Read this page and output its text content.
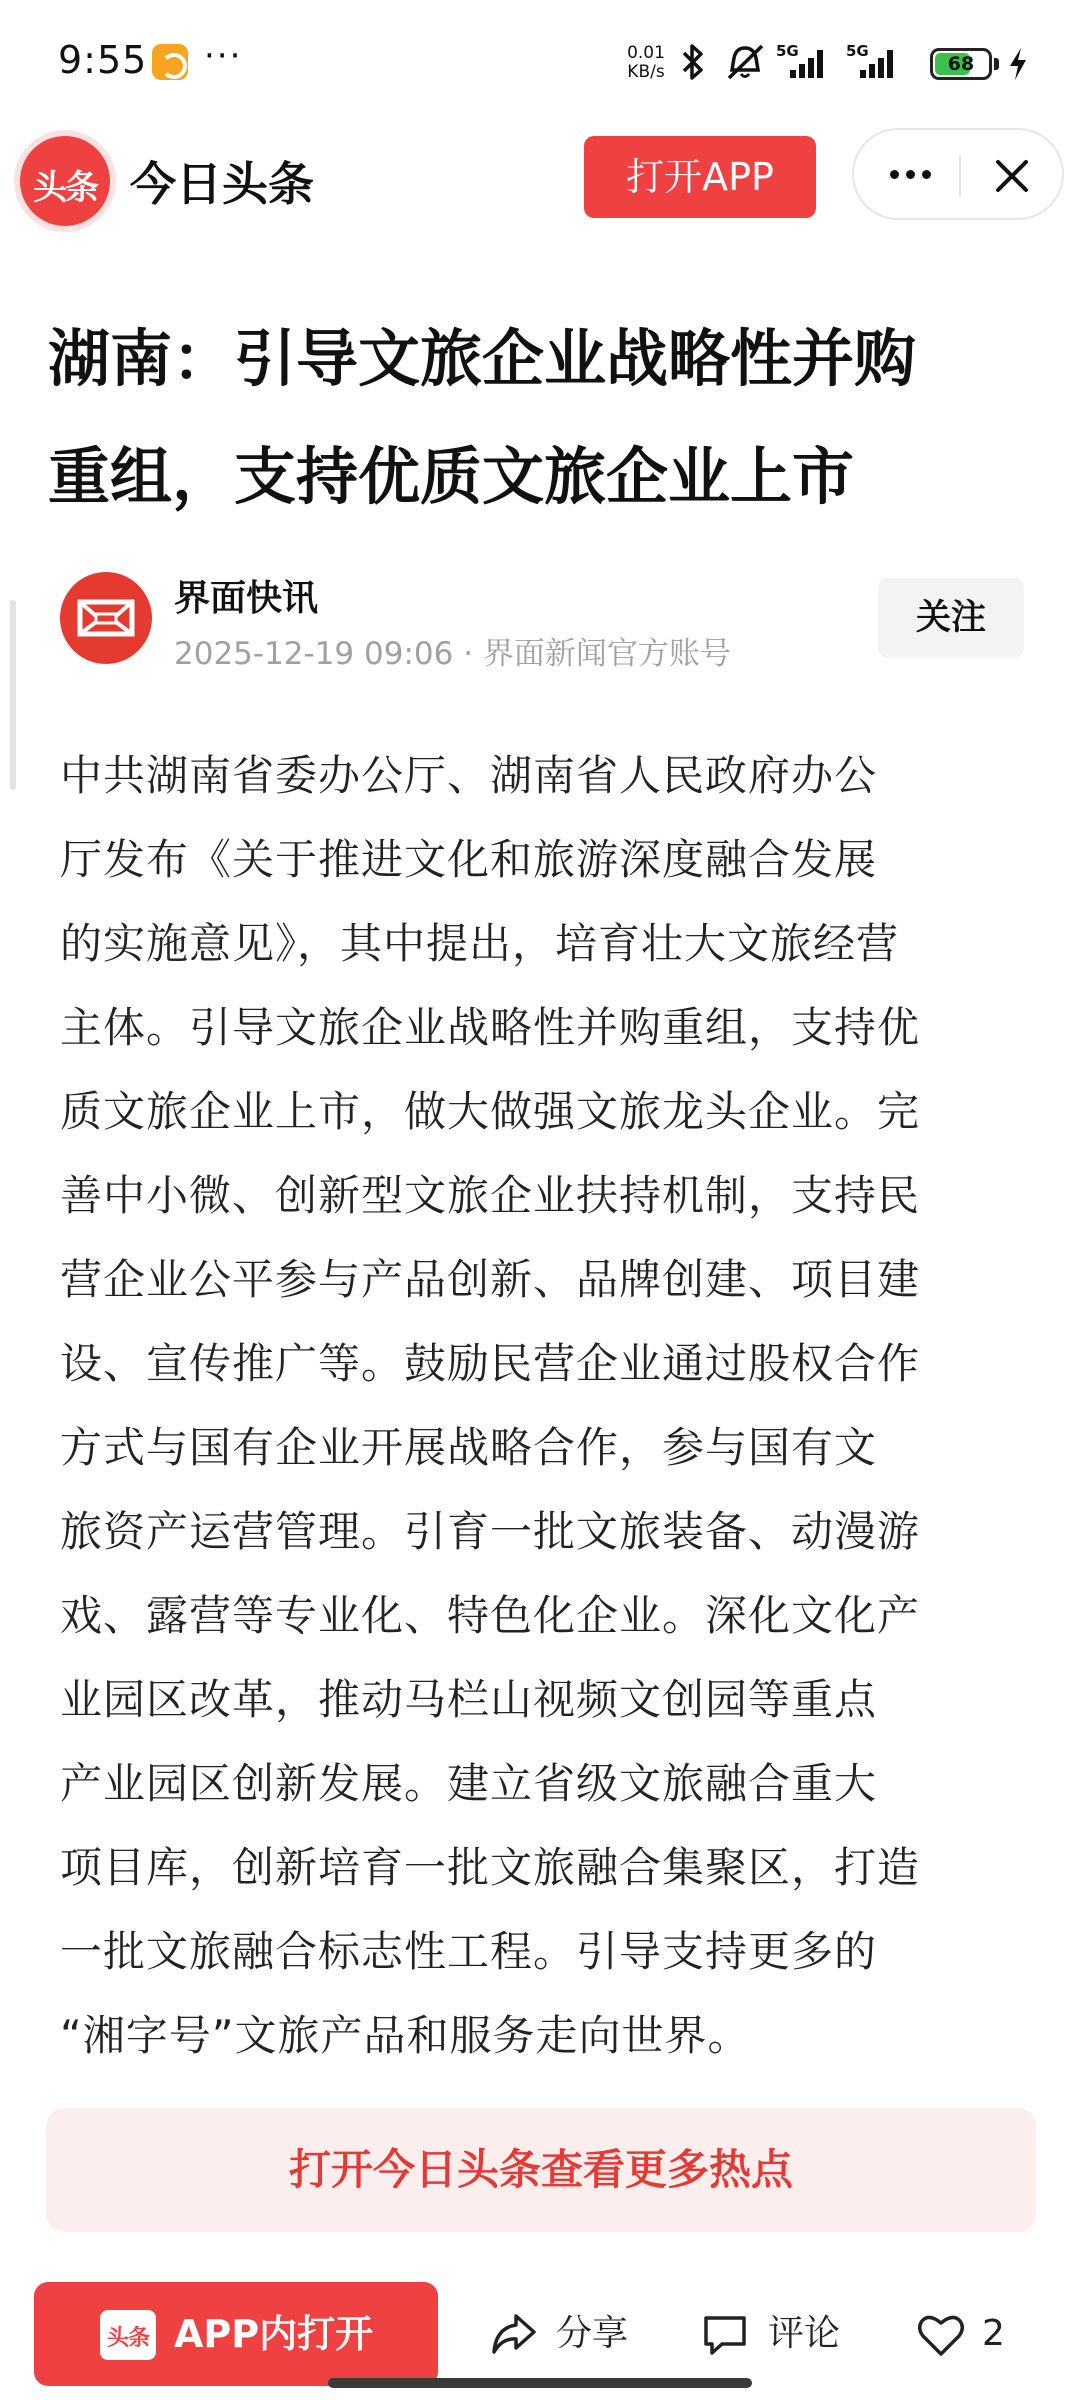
9:55 ···	0.01
KB/s
5G	5G
68
头条 今日头条	打开APP
湖南：引导文旅企业战略性并购
重组，支持优质文旅企业上市
界面快讯
2025-12-19 09:06 · 界面新闻官方账号
关注
中共湖南省委办公厅、湖南省人民政府办公
厅发布《关于推进文化和旅游深度融合发展
的实施意见》，其中提出，培育壮大文旅经营
主体。引导文旅企业战略性并购重组，支持优
质文旅企业上市，做大做强文旅龙头企业。完
善中小微、创新型文旅企业扶持机制，支持民
营企业公平参与产品创新、品牌创建、项目建
设、宣传推广等。鼓励民营企业通过股权合作
方式与国有企业开展战略合作，参与国有文
旅资产运营管理。引育一批文旅装备、动漫游
戏、露营等专业化、特色化企业。深化文化产
业园区改革，推动马栏山视频文创园等重点
产业园区创新发展。建立省级文旅融合重大
项目库，创新培育一批文旅融合集聚区，打造
一批文旅融合标志性工程。引导支持更多的
“湘字号”文旅产品和服务走向世界。
打开今日头条查看更多热点
头条 APP内打开	分享	评论	2
